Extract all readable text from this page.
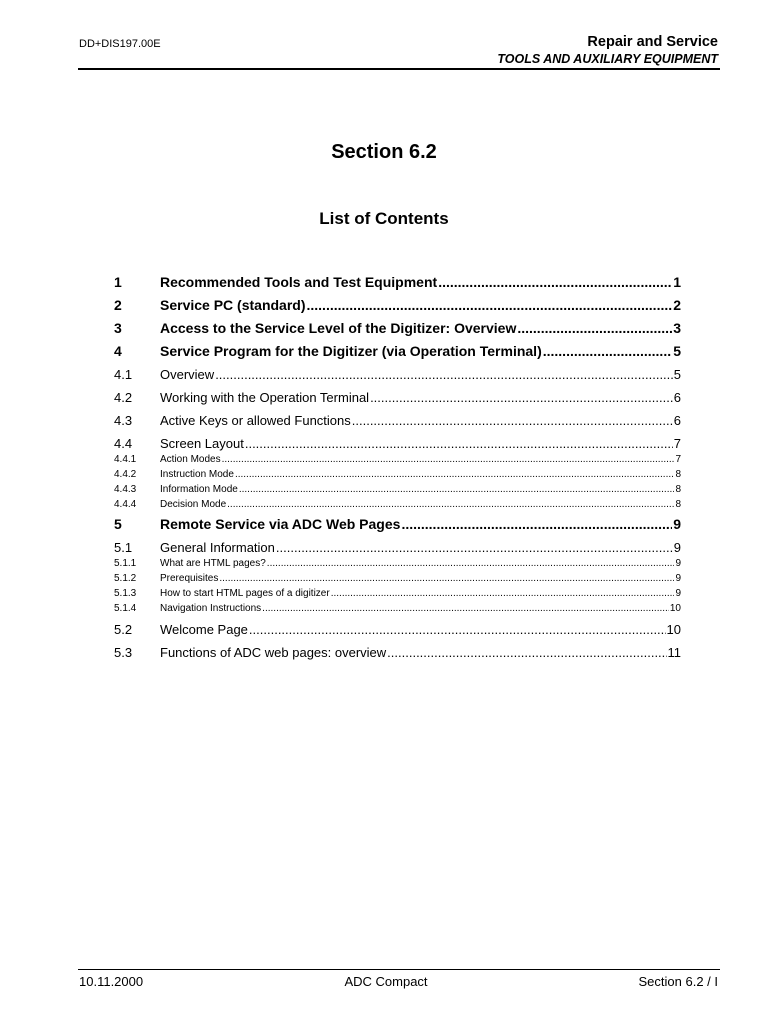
DD+DIS197.00E	Repair and Service
TOOLS AND AUXILIARY EQUIPMENT
Section 6.2
List of Contents
1	Recommended Tools and Test Equipment .....	1
2	Service PC (standard) .....	2
3	Access to the Service Level of the Digitizer: Overview .....	3
4	Service Program for the Digitizer (via Operation Terminal) .....	5
4.1 Overview .....	5
4.2 Working with the Operation Terminal .....	6
4.3 Active Keys or allowed Functions .....	6
4.4 Screen Layout .....	7
4.4.1 Action Modes .....	7
4.4.2 Instruction Mode .....	8
4.4.3 Information Mode .....	8
4.4.4 Decision Mode .....	8
5	Remote Service via ADC Web Pages .....	9
5.1 General Information .....	9
5.1.1 What are HTML pages? .....	9
5.1.2 Prerequisites .....	9
5.1.3 How to start HTML pages of a digitizer .....	9
5.1.4 Navigation Instructions .....	10
5.2 Welcome Page .....	10
5.3 Functions of ADC web pages: overview .....	11
10.11.2000	ADC Compact	Section 6.2 / I
